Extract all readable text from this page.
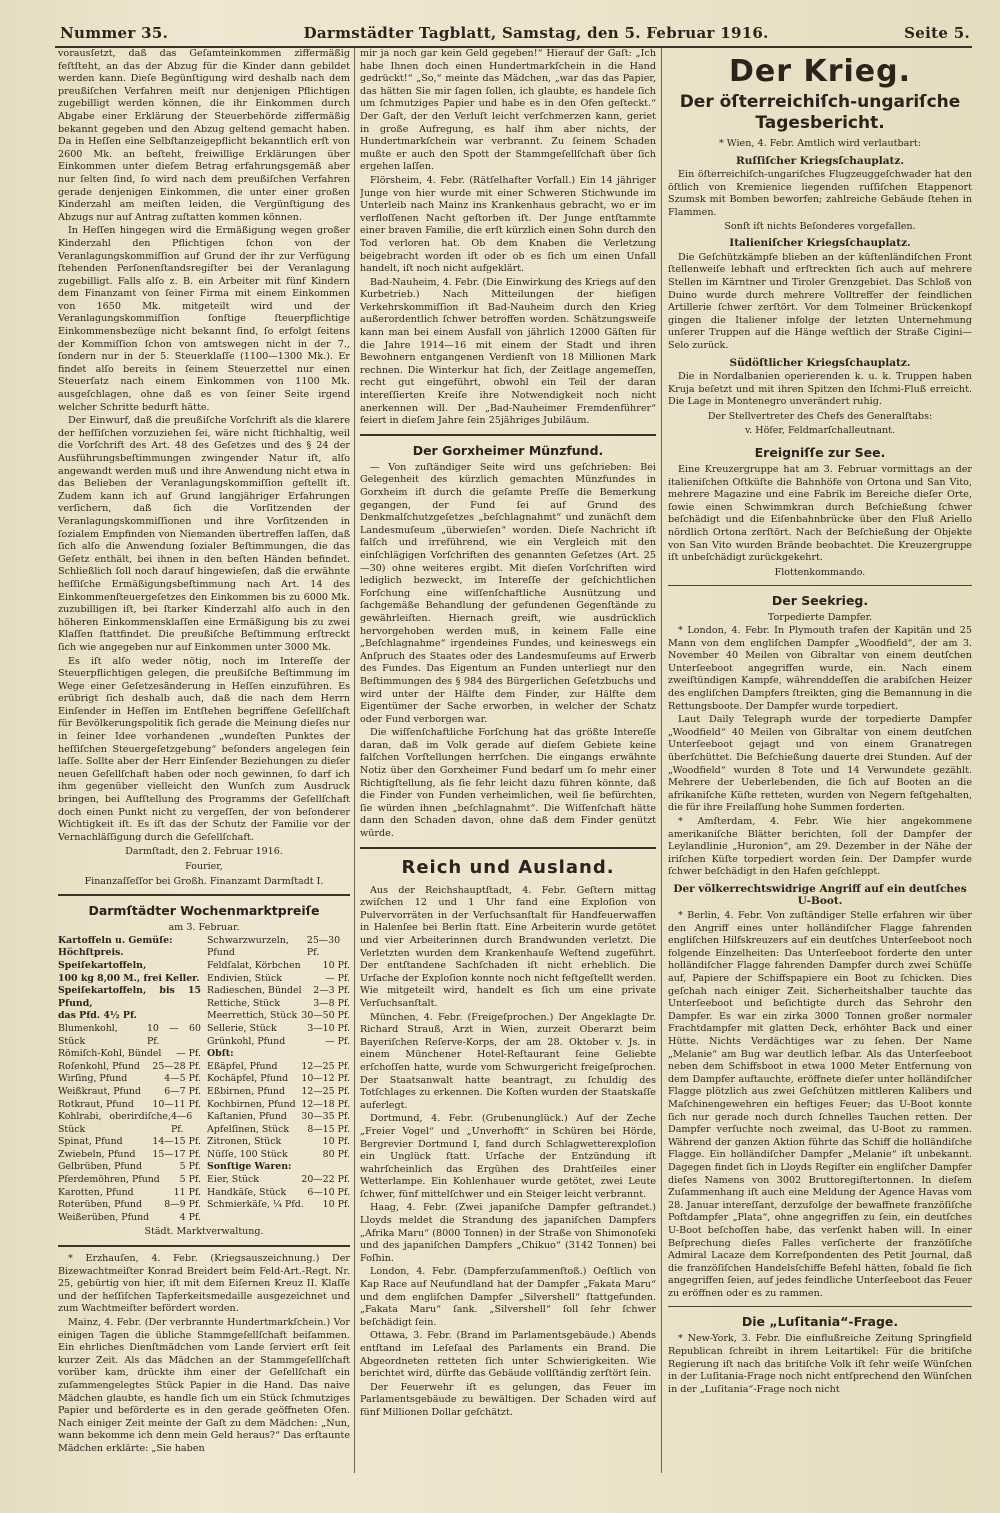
Nummer 35.	Darmstädter Tagblatt, Samstag, den 5. Februar 1916.	Seite 5.

vorausſetzt, daß das Geſamteinkommen ziffermäßig feſtſteht, an das der Abzug für die Kinder dann gebildet werden kann. Dieſe Begünſtigung wird deshalb nach dem preußiſchen Verfahren meiſt nur denjenigen Pflichtigen zugebilligt werden können, die ihr Einkommen durch Abgabe einer Erklärung der Steuerbehörde ziffermäßig bekannt gegeben und den Abzug geltend gemacht haben. Da in Heſſen eine Selbſtanzeigepflicht bekanntlich erſt von 2600 Mk. an beſteht, freiwillige Erklärungen über Einkommen unter dieſem Betrag erfahrungsgemäß aber nur ſelten ſind, ſo wird nach dem preußiſchen Verfahren gerade denjenigen Einkommen, die unter einer großen Kinderzahl am meiſten leiden, die Vergünſtigung des Abzugs nur auf Antrag zuſtatten kommen können.

In Heſſen hingegen wird die Ermäßigung wegen großer Kinderzahl den Pflichtigen ſchon von der Veranlagungskommiſſion auf Grund der ihr zur Verfügung ſtehenden Perſonenſtandsregiſter bei der Veranlagung zugebilligt. Falls alſo z. B. ein Arbeiter mit fünf Kindern dem Finanzamt von ſeiner Firma mit einem Einkommen von 1650 Mk. mitgeteilt wird und der Veranlagungskommiſſion ſonſtige ſteuerpflichtige Einkommensbezüge nicht bekannt ſind, ſo erfolgt ſeitens der Kommiſſion ſchon von amtswegen nicht in der 7., ſondern nur in der 5. Steuerklaſſe (1100—1300 Mk.). Er findet alſo bereits in ſeinem Steuerzettel nur einen Steuerſatz nach einem Einkommen von 1100 Mk. ausgeſchlagen, ohne daß es von ſeiner Seite irgend welcher Schritte bedurft hätte.

Der Einwurf, daß die preußiſche Vorſchrift als die klarere der heſſiſchen vorzuziehen ſei, wäre nicht ſtichhaltig, weil die Vorſchrift des Art. 48 des Geſetzes und des § 24 der Ausführungsbeſtimmungen zwingender Natur iſt, alſo angewandt werden muß und ihre Anwendung nicht etwa in das Belieben der Veranlagungskommiſſion geſtellt iſt. Zudem kann ich auf Grund langjähriger Erfahrungen verſichern, daß ſich die Vorſitzenden der Veranlagungskommiſſionen und ihre Vorſitzenden in ſozialem Empfinden von Niemanden übertreffen laſſen, daß ſich alſo die Anwendung ſozialer Beſtimmungen, die das Geſetz enthält, bei ihnen in den beſten Händen befindet. Schließlich ſoll noch darauf hingewieſen, daß die erwähnte heſſiſche Ermäßigungsbeſtimmung nach Art. 14 des Einkommenſteuergeſetzes den Einkommen bis zu 6000 Mk. zuzubilligen iſt, bei ſtarker Kinderzahl alſo auch in den höheren Einkommensklaſſen eine Ermäßigung bis zu zwei Klaſſen ſtattfindet. Die preußiſche Beſtimmung erſtreckt ſich wie angegeben nur auf Einkommen unter 3000 Mk.

Es iſt alſo weder nötig, noch im Intereſſe der Steuerpflichtigen gelegen, die preußiſche Beſtimmung im Wege einer Geſetzesänderung in Heſſen einzuführen. Es erübrigt ſich deshalb auch, daß die nach dem Herrn Einſender in Heſſen im Entſtehen begriffene Geſellſchaft für Bevölkerungspolitik ſich gerade die Meinung dieſes nur in ſeiner Idee vorhandenen „wundeſten Punktes der heſſiſchen Steuergeſetzgebung“ beſonders angelegen ſein laſſe. Sollte aber der Herr Einſender Beziehungen zu dieſer neuen Geſellſchaft haben oder noch gewinnen, ſo darf ich ihm gegenüber vielleicht den Wunſch zum Ausdruck bringen, bei Aufſtellung des Programms der Geſellſchaft doch einen Punkt nicht zu vergeſſen, der von beſonderer Wichtigkeit iſt. Es iſt das der Schutz der Familie vor der Vernachläſſigung durch die Geſellſchaft.

Darmſtadt, den 2. Februar 1916.
Fourier,
Finanzaſſeſſor bei Großh. Finanzamt Darmſtadt I.
Darmſtädter Wochenmarktpreiſe
am 3. Februar.
Kartoffeln u. Gemüſe:
Höchſtpreis. Speiſekartoffeln,
100 kg 8,00 M., frei Keller.
Speiſekartoffeln, bis 15 Pfund,
das Pfd. 4½ Pf.
Blumenkohl, Stück
10 — 60 Pf.
Römiſch-Kohl, Bündel — Pf.
Roſenkohl, Pfund 25—28 Pf.
Wirſing, Pfund	4—5 Pf.
Weißkraut, Pfund 6—7 Pf.
Rotkraut, Pfund 10—11 Pf.
Kohlrabi, oberirdiſche, Stück
4—6 Pf.
Spinat, Pfund	14—15 Pf.
Zwiebeln, Pfund 15—17 Pf.
Gelbrüben, Pfund	5 Pf.
Pferdemöhren, Pfund 5 Pf.
Karotten, Pfund	11 Pf.
Roterüben, Pfund 8—9 Pf.
Weißerüben, Pfund	4 Pf.
Schwarzwurzeln, Pfund
25—30 Pf.
Feldſalat, Körbchen 10 Pf.
Endivien, Stück	— Pf.
Radieschen, Bündel 2—3 Pf.
Rettiche, Stück	3—8 Pf.
Meerrettich, Stück 30—50 Pf.
Sellerie, Stück	3—10 Pf.
Grünkohl, Pfund	— Pf.
Obſt:
Eßäpfel, Pfund	12—25 Pf.
Kochäpfel, Pfund 10—12 Pf.
Eßbirnen, Pfund 12—25 Pf.
Kochbirnen, Pfund 12—18 Pf.
Kaſtanien, Pfund 30—35 Pf.
Apfelſinen, Stück 8—15 Pf.
Zitronen, Stück	10 Pf.
Nüſſe, 100 Stück	80 Pf.
Sonſtige Waren:
Eier, Stück	20—22 Pf.
Handkäſe, Stück 6—10 Pf.
Schmierkäſe, ¼ Pfd. 10 Pf.
Städt. Marktverwaltung.

* Erzhauſen, 4. Febr. (Kriegsauszeichnung.) Der Bizewachtmeiſter Konrad Breidert beim Feld-Art.-Regt. Nr. 25, gebürtig von hier, iſt mit dem Eiſernen Kreuz II. Klaſſe und der heſſiſchen Tapferkeitsmedaille ausgezeichnet und zum Wachtmeiſter befördert worden.

Mainz, 4. Febr. (Der verbrannte Hundertmarkſchein.) Vor einigen Tagen die übliche Stammgeſellſchaft beiſammen. Ein ehrliches Dienſtmädchen vom Lande ſerviert erſt ſeit kurzer Zeit. Als das Mädchen an der Stammgeſellſchaft vorüber kam, drückte ihm einer der Geſellſchaft ein zuſammengelegtes Stück Papier in die Hand. Das naive Mädchen glaubte, es handle ſich um ein Stück ſchmutziges Papier und beförderte es in den gerade geöffneten Ofen. Nach einiger Zeit meinte der Gaſt zu dem Mädchen: „Nun, wann bekomme ich denn mein Geld heraus?“ Das erſtaunte Mädchen erklärte: „Sie haben

mir ja noch gar kein Geld gegeben!“ Hierauf der Gaſt: „Ich habe Ihnen doch einen Hundertmarkſchein in die Hand gedrückt!“ „So,“ meinte das Mädchen, „war das das Papier, das hätten Sie mir ſagen ſollen, ich glaubte, es handele ſich um ſchmutziges Papier und habe es in den Ofen geſteckt.“ Der Gaſt, der den Verluſt leicht verſchmerzen kann, geriet in große Aufregung, es half ihm aber nichts, der Hundertmarkſchein war verbrannt. Zu ſeinem Schaden mußte er auch den Spott der Stammgeſellſchaft über ſich ergehen laſſen.

Flörsheim, 4. Febr. (Rätſelhafter Vorfall.) Ein 14 jähriger Junge von hier wurde mit einer Schweren Stichwunde im Unterleib nach Mainz ins Krankenhaus gebracht, wo er im verfloſſenen Nacht geſtorben iſt. Der Junge entſtammte einer braven Familie, die erſt kürzlich einen Sohn durch den Tod verloren hat. Ob dem Knaben die Verletzung beigebracht worden iſt oder ob es ſich um einen Unfall handelt, iſt noch nicht aufgeklärt.

Bad-Nauheim, 4. Febr. (Die Einwirkung des Kriegs auf den Kurbetrieb.) Nach Mitteilungen der hieſigen Verkehrskommiſſion iſt Bad-Nauheim durch den Krieg außerordentlich ſchwer betroffen worden. Schätzungsweiſe kann man bei einem Ausfall von jährlich 12000 Gäſten für die Jahre 1914—16 mit einem der Stadt und ihren Bewohnern entgangenen Verdienſt von 18 Millionen Mark rechnen. Die Winterkur hat ſich, der Zeitlage angemeſſen, recht gut eingeführt, obwohl ein Teil der daran intereſſierten Kreiſe ihre Notwendigkeit noch nicht anerkennen will. Der „Bad-Nauheimer Fremdenführer“ feiert in dieſem Jahre ſein 25jähriges Jubiläum.

Der Gorxheimer Münzfund.

— Von zuſtändiger Seite wird uns geſchrieben: Bei Gelegenheit des kürzlich gemachten Münzfundes in Gorxheim iſt durch die geſamte Preſſe die Bemerkung gegangen, der Fund ſei auf Grund des Denkmalſchutzgeſetzes „beſchlagnahmt“ und zunächſt dem Landesmuſeum „überwieſen“ worden. Dieſe Nachricht iſt falſch und irreführend, wie ein Vergleich mit den einſchlägigen Vorſchriften des genannten Geſetzes (Art. 25—30) ohne weiteres ergibt. Mit dieſen Vorſchriften wird lediglich bezweckt, im Intereſſe der geſchichtlichen Forſchung eine wiſſenſchaftliche Ausnützung und ſachgemäße Behandlung der gefundenen Gegenſtände zu gewährleiſten. Hiernach greift, wie ausdrücklich hervorgehoben werden muß, in keinem Falle eine „Beſchlagnahme“ irgendeines Fundes, und keineswegs ein Anſpruch des Staates oder des Landesmuſeums auf Erwerb des Fundes. Das Eigentum an Funden unterliegt nur den Beſtimmungen des § 984 des Bürgerlichen Geſetzbuchs und wird unter der Hälfte dem Finder, zur Hälfte dem Eigentümer der Sache erworben, in welcher der Schatz oder Fund verborgen war.

Die wiſſenſchaftliche Forſchung hat das größte Intereſſe daran, daß im Volk gerade auf dieſem Gebiete keine falſchen Vorſtellungen herrſchen. Die eingangs erwähnte Notiz über den Gorxheimer Fund bedarf um ſo mehr einer Richtigſtellung, als ſie ſehr leicht dazu führen könnte, daß die Finder von Funden verheimlichen, weil ſie befürchten, ſie würden ihnen „beſchlagnahmt“. Die Wiſſenſchaft hätte dann den Schaden davon, ohne daß dem Finder genützt würde.

Reich und Ausland.

Aus der Reichshauptſtadt, 4. Febr. Geſtern mittag zwiſchen 12 und 1 Uhr fand eine Exploſion von Pulvervorräten in der Verſuchsanſtalt für Handfeuerwaffen in Halenſee bei Berlin ſtatt. Eine Arbeiterin wurde getötet und vier Arbeiterinnen durch Brandwunden verletzt. Die Verletzten wurden dem Krankenhauſe Weſtend zugeführt. Der entſtandene Sachſchaden iſt nicht erheblich. Die Urſache der Exploſion konnte noch nicht feſtgeſtellt werden. Wie mitgeteilt wird, handelt es ſich um eine private Verſuchsanſtalt.

München, 4. Febr. (Freigeſprochen.) Der Angeklagte Dr. Richard Strauß, Arzt in Wien, zurzeit Oberarzt beim Bayeriſchen Reſerve-Korps, der am 28. Oktober v. Js. in einem Münchener Hotel-Reſtaurant ſeine Geliebte erſchoſſen hatte, wurde vom Schwurgericht freigeſprochen. Der Staatsanwalt hatte beantragt, zu ſchuldig des Totſchlages zu erkennen. Die Koſten wurden der Staatskaſſe auferlegt.

Dortmund, 4. Febr. (Grubenunglück.) Auf der Zeche „Freier Vogel“ und „Unverhofft“ in Schüren bei Hörde, Bergrevier Dortmund I, fand durch Schlagwetterexploſion ein Unglück ſtatt. Urſache der Entzündung iſt wahrſcheinlich das Ergühen des Drahtſeiles einer Wetterlampe. Ein Kohlenhauer wurde getötet, zwei Leute ſchwer, fünf mittelſchwer und ein Steiger leicht verbrannt.

Haag, 4. Febr. (Zwei japaniſche Dampfer geſtrandet.) Lloyds meldet die Strandung des japaniſchen Dampfers „Afrika Maru“ (8000 Tonnen) in der Straße von Shimonoſeki und des japaniſchen Dampfers „Chikuo“ (3142 Tonnen) bei Foſhin.

London, 4. Febr. (Dampferzuſammenſtoß.) Oeſtlich von Kap Race auf Neufundland hat der Dampfer „Fakata Maru“ und dem engliſchen Dampfer „Silvershell“ ſtattgefunden. „Fakata Maru“ ſank. „Silvershell“ ſoll ſehr ſchwer beſchädigt ſein.

Ottawa, 3. Febr. (Brand im Parlamentsgebäude.) Abends entſtand im Leſeſaal des Parlaments ein Brand. Die Abgeordneten retteten ſich unter Schwierigkeiten. Wie berichtet wird, dürfte das Gebäude vollſtändig zerſtört ſein.

Der Feuerwehr iſt es gelungen, das Feuer im Parlamentsgebäude zu bewältigen. Der Schaden wird auf fünf Millionen Dollar geſchätzt.

Der Krieg.
Der öſterreichiſch-ungariſche Tagesbericht.
* Wien, 4. Febr. Amtlich wird verlautbart:
Ruſſiſcher Kriegsſchauplatz.

Ein öſterreichiſch-ungariſches Flugzeuggeſchwader hat den öſtlich von Kremienice liegenden ruſſiſchen Etappenort Szumsk mit Bomben beworfen; zahlreiche Gebäude ſtehen in Flammen.

Sonſt iſt nichts Beſonderes vorgefallen.
Italieniſcher Kriegsſchauplatz.

Die Geſchützkämpfe blieben an der küſtenländiſchen Front ſtellenweiſe lebhaft und erſtreckten ſich auch auf mehrere Stellen im Kärntner und Tiroler Grenzgebiet. Das Schloß von Duino wurde durch mehrere Volltreffer der feindlichen Artillerie ſchwer zerſtört. Vor dem Tolmeiner Brückenkopf gingen die Italiener infolge der letzten Unternehmung unſerer Truppen auf die Hänge weſtlich der Straße Cigini—Selo zurück.

Südöſtlicher Kriegsſchauplatz.

Die in Nordalbanien operierenden k. u. k. Truppen haben Kruja beſetzt und mit ihren Spitzen den Iſchmi-Fluß erreicht. Die Lage in Montenegro unverändert ruhig.

Der Stellvertreter des Chefs des Generalſtabs:
v. Höfer, Feldmarſchalleutnant.
Ereigniſſe zur See.

Eine Kreuzergruppe hat am 3. Februar vormittags an der italieniſchen Oſtküſte die Bahnhöfe von Ortona und San Vito, mehrere Magazine und eine Fabrik im Bereiche dieſer Orte, ſowie einen Schwimmkran durch Beſchießung ſchwer beſchädigt und die Eiſenbahnbrücke über den Fluß Ariello nördlich Ortona zerſtört. Nach der Beſchießung der Objekte von San Vito wurden Brände beobachtet. Die Kreuzergruppe iſt unbeſchädigt zurückgekehrt.

Flottenkommando.
Der Seekrieg.
Torpedierte Dampfer.

* London, 4. Febr. In Plymouth trafen der Kapitän und 25 Mann von dem engliſchen Dampfer „Woodfield“, der am 3. November 40 Meilen von Gibraltar von einem deutſchen Unterſeeboot angegriffen wurde, ein. Nach einem zweiſtündigen Kampfe, währenddeſſen die arabiſchen Heizer des engliſchen Dampfers ſtreikten, ging die Bemannung in die Rettungsboote. Der Dampfer wurde torpediert.

Laut Daily Telegraph wurde der torpedierte Dampfer „Woodfield“ 40 Meilen von Gibraltar von einem deutſchen Unterſeeboot gejagt und von einem Granatregen überſchüttet. Die Beſchießung dauerte drei Stunden. Auf der „Woodfield“ wurden 8 Tote und 14 Verwundete gezählt. Mehrere der Ueberlebenden, die ſich auf Booten an die afrikaniſche Küſte retteten, wurden von Negern feſtgehalten, die für ihre Freilaſſung hohe Summen forderten.

* Amſterdam, 4. Febr. Wie hier angekommene amerikaniſche Blätter berichten, ſoll der Dampfer der Leylandlinie „Huronion“, am 29. Dezember in der Nähe der iriſchen Küſte torpediert worden ſein. Der Dampfer wurde ſchwer beſchädigt in den Hafen geſchleppt.

Der völkerrechtswidrige Angriff auf ein deutſches U-Boot.

* Berlin, 4. Febr. Von zuſtändiger Stelle erfahren wir über den Angriff eines unter holländiſcher Flagge fahrenden engliſchen Hilfskreuzers auf ein deutſches Unterſeeboot noch folgende Einzelheiten: Das Unterſeeboot forderte den unter holländiſcher Flagge fahrenden Dampfer durch zwei Schüſſe auf, Papiere der Schiffspapiere ein Boot zu ſchicken. Dies geſchah nach einiger Zeit. Sicherheitshalber tauchte das Unterſeeboot und beſichtigte durch das Sehrohr den Dampfer. Es war ein zirka 3000 Tonnen großer normaler Frachtdampfer mit glatten Deck, erhöhter Back und einer Hütte. Nichts Verdächtiges war zu ſehen. Der Name „Melanie“ am Bug war deutlich leſbar. Als das Unterſeeboot neben dem Schiffsboot in etwa 1000 Meter Entfernung von dem Dampfer auftauchte, eröffnete dieſer unter holländiſcher Flagge plötzlich aus zwei Geſchützen mittleren Kalibers und Maſchinengewehren ein heftiges Feuer; das U-Boot konnte ſich nur gerade noch durch ſchnelles Tauchen retten. Der Dampfer verſuchte noch zweimal, das U-Boot zu rammen. Während der ganzen Aktion führte das Schiff die holländiſche Flagge. Ein holländiſcher Dampfer „Melanie“ iſt unbekannt. Dagegen findet ſich in Lloyds Regiſter ein engliſcher Dampfer dieſes Namens von 3002 Bruttoregiſtertonnen. In dieſem Zuſammenhang iſt auch eine Meldung der Agence Havas vom 28. Januar intereſſant, derzufolge der bewaffnete franzöſiſche Poſtdampfer „Plata“, ohne angegriffen zu ſein, ein deutſches U-Boot beſchoſſen habe, das verſenkt haben will. In einer Beſprechung dieſes Falles verſicherte der franzöſiſche Admiral Lacaze dem Korreſpondenten des Petit Journal, daß die franzöſiſchen Handelsſchiffe Befehl hätten, ſobald ſie ſich angegriffen ſeien, auf jedes feindliche Unterſeeboot das Feuer zu eröffnen oder es zu rammen.

Die „Luſitania“-Frage.

* New-York, 3. Febr. Die einflußreiche Zeitung Springfield Republican ſchreibt in ihrem Leitartikel: Für die britiſche Regierung iſt nach das britiſche Volk iſt ſehr weiſe Wünſchen in der Luſitania-Frage noch nicht entſprechend den Wünſchen in der „Luſitania“-Frage noch nicht
